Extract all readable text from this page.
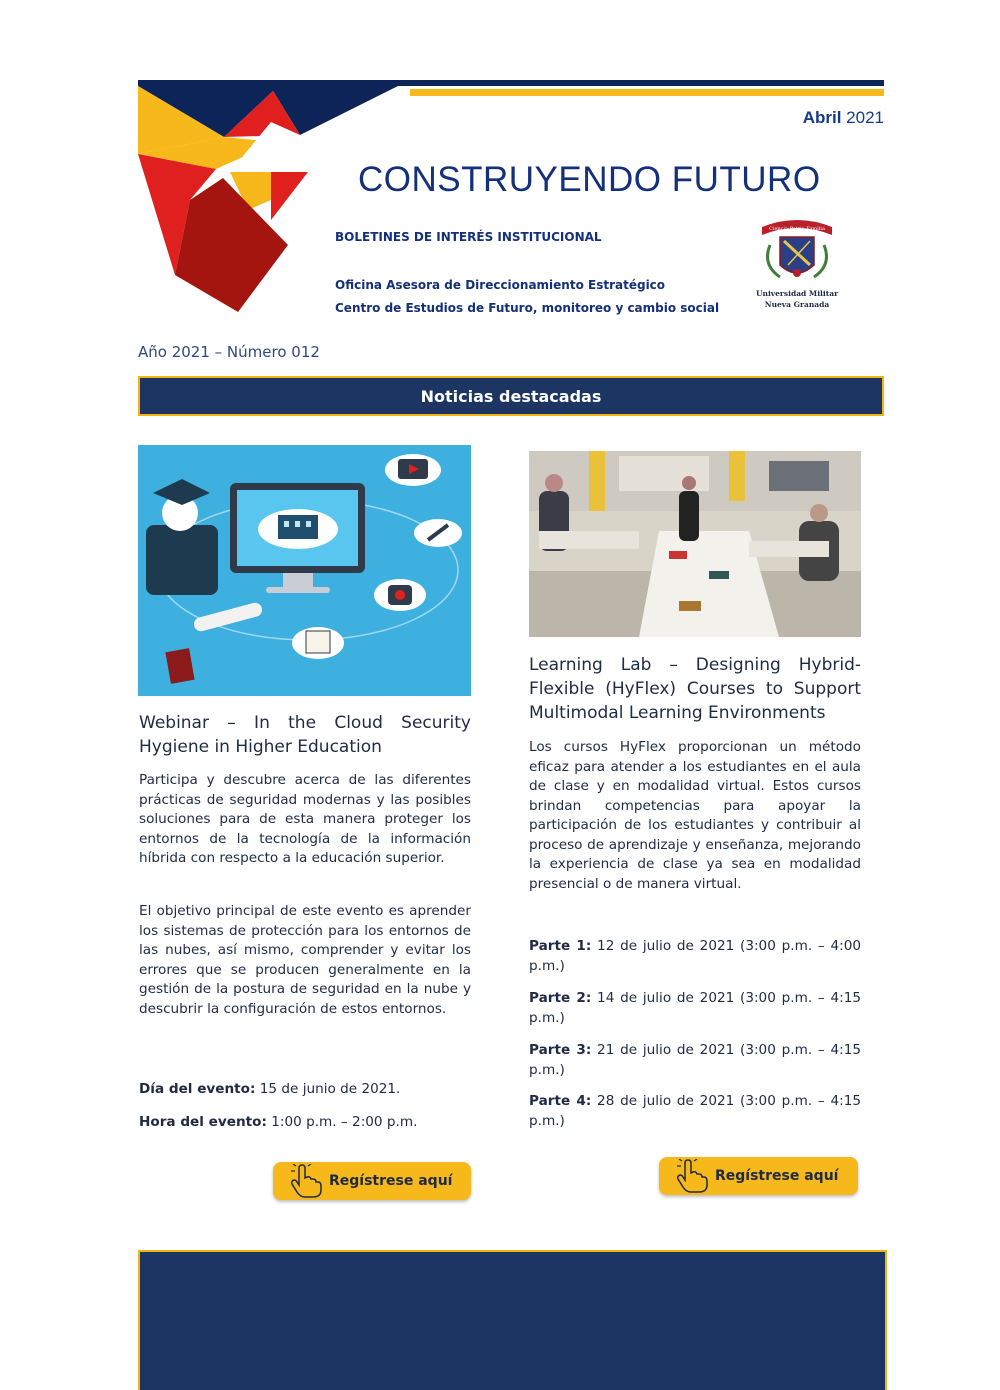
Abril 2021
CONSTRUYENDO FUTURO
BOLETINES DE INTERÉS INSTITUCIONAL
Oficina Asesora de Direccionamiento Estratégico
Centro de Estudios de Futuro, monitoreo y cambio social
Ciencia Patria Familia
Universidad Militar
Nueva Granada
Año 2021 – Número 012
Noticias destacadas
Webinar – In the Cloud Security Hygiene in Higher Education
Participa y descubre acerca de las diferentes prácticas de seguridad modernas y las posibles soluciones para de esta manera proteger los entornos de la tecnología de la información híbrida con respecto a la educación superior.
El objetivo principal de este evento es aprender los sistemas de protección para los entornos de las nubes, así mismo, comprender y evitar los errores que se producen generalmente en la gestión de la postura de seguridad en la nube y descubrir la configuración de estos entornos.
Día del evento: 15 de junio de 2021.
Hora del evento: 1:00 p.m. – 2:00 p.m.
Regístrese aquí
Learning Lab – Designing Hybrid-Flexible (HyFlex) Courses to Support Multimodal Learning Environments
Los cursos HyFlex proporcionan un método eficaz para atender a los estudiantes en el aula de clase y en modalidad virtual. Estos cursos brindan competencias para apoyar la participación de los estudiantes y contribuir al proceso de aprendizaje y enseñanza, mejorando la experiencia de clase ya sea en modalidad presencial o de manera virtual.
Parte 1: 12 de julio de 2021 (3:00 p.m. – 4:00 p.m.)
Parte 2: 14 de julio de 2021 (3:00 p.m. – 4:15 p.m.)
Parte 3: 21 de julio de 2021 (3:00 p.m. – 4:15 p.m.)
Parte 4: 28 de julio de 2021 (3:00 p.m. – 4:15 p.m.)
Regístrese aquí
